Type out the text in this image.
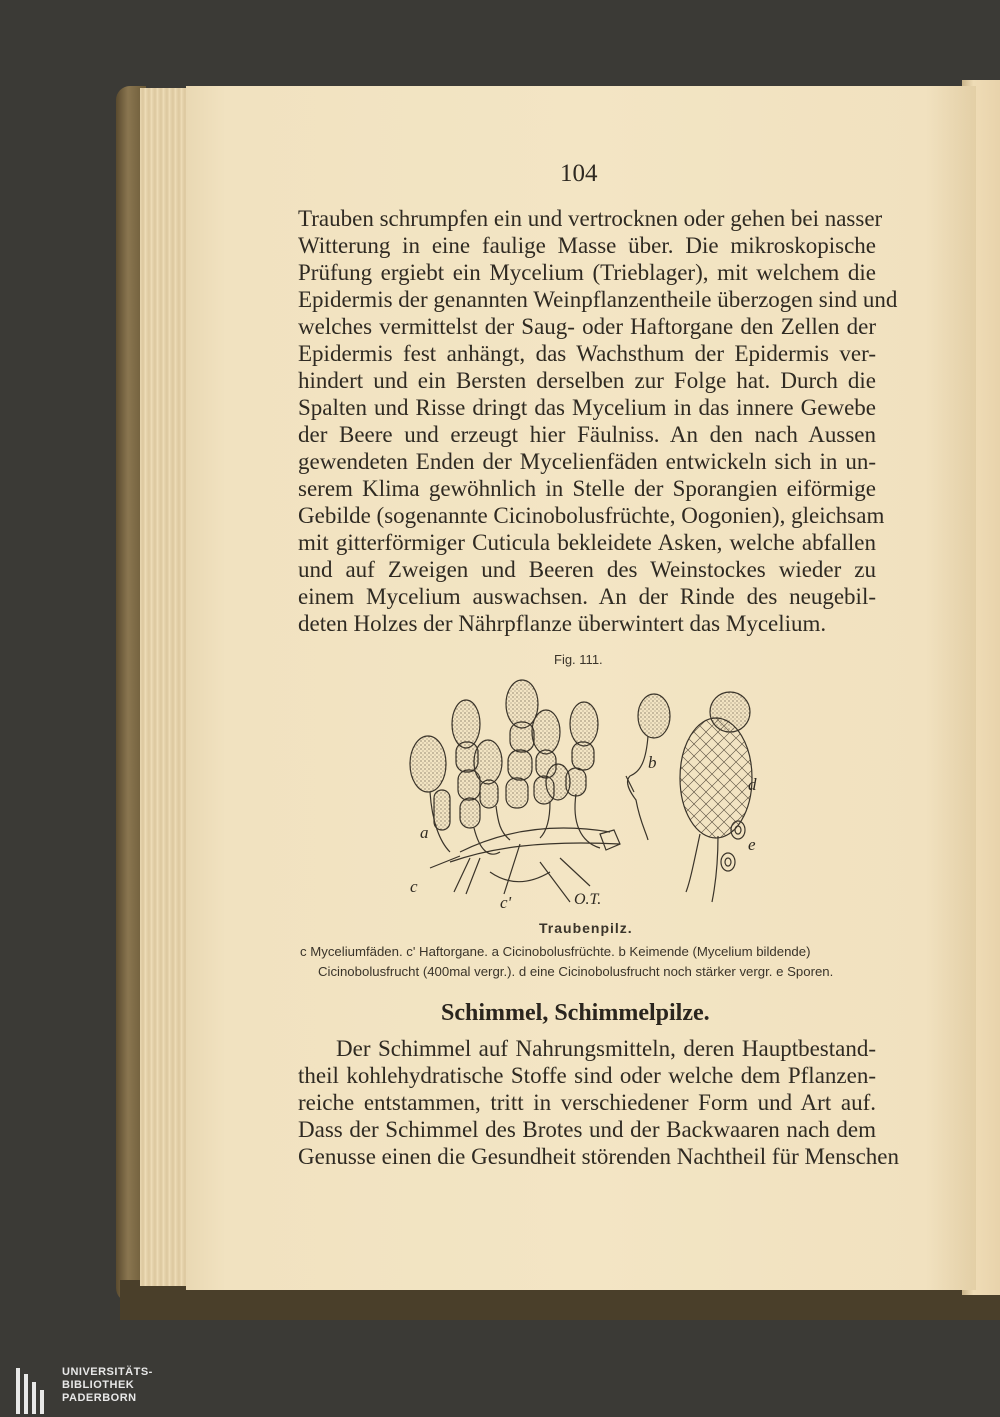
104
Trauben schrumpfen ein und vertrocknen oder gehen bei nasser
Witterung in eine faulige Masse über. Die mikroskopische
Prüfung ergiebt ein Mycelium (Trieblager), mit welchem die
Epidermis der genannten Weinpflanzentheile überzogen sind und
welches vermittelst der Saug- oder Haftorgane den Zellen der
Epidermis fest anhängt, das Wachsthum der Epidermis ver-
hindert und ein Bersten derselben zur Folge hat. Durch die
Spalten und Risse dringt das Mycelium in das innere Gewebe
der Beere und erzeugt hier Fäulniss. An den nach Aussen
gewendeten Enden der Mycelienfäden entwickeln sich in un-
serem Klima gewöhnlich in Stelle der Sporangien eiförmige
Gebilde (sogenannte Cicinobolusfrüchte, Oogonien), gleichsam
mit gitterförmiger Cuticula bekleidete Asken, welche abfallen
und auf Zweigen und Beeren des Weinstockes wieder zu
einem Mycelium auswachsen. An der Rinde des neugebil-
deten Holzes der Nährpflanze überwintert das Mycelium.
Fig. 111.
a
b
c
c'
d
e
O.T.
Traubenpilz.
c Myceliumfäden. c' Haftorgane. a Cicinobolusfrüchte. b Keimende (Mycelium bildende)
Cicinobolusfrucht (400mal vergr.). d eine Cicinobolusfrucht noch stärker vergr. e Sporen.
Schimmel, Schimmelpilze.
Der Schimmel auf Nahrungsmitteln, deren Hauptbestand-
theil kohlehydratische Stoffe sind oder welche dem Pflanzen-
reiche entstammen, tritt in verschiedener Form und Art auf.
Dass der Schimmel des Brotes und der Backwaaren nach dem
Genusse einen die Gesundheit störenden Nachtheil für Menschen
UNIVERSITÄTS-
BIBLIOTHEK
PADERBORN
